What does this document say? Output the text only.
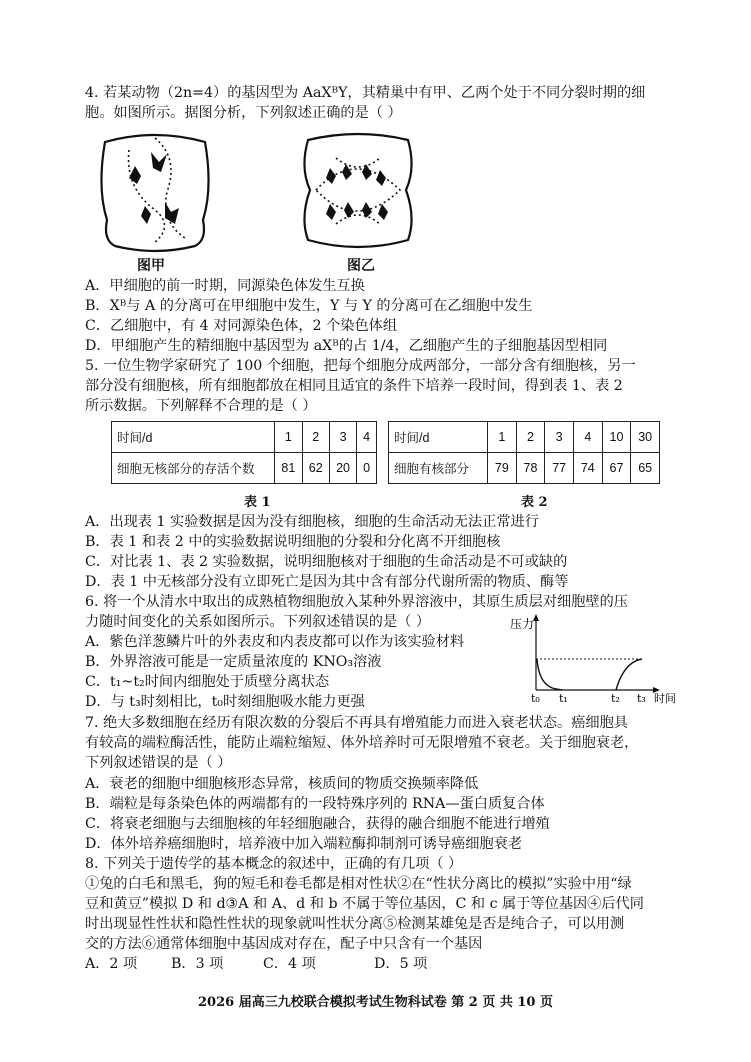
4. 若某动物（2n=4）的基因型为 AaXᴮY，其精巢中有甲、乙两个处于不同分裂时期的细
胞。如图所示。据图分析，下列叙述正确的是（ ）
图甲	图乙
A．甲细胞的前一时期，同源染色体发生互换
B．Xᴮ与 A 的分离可在甲细胞中发生，Y 与 Y 的分离可在乙细胞中发生
C．乙细胞中，有 4 对同源染色体，2 个染色体组
D．甲细胞产生的精细胞中基因型为 aXᴮ的占 1/4，乙细胞产生的子细胞基因型相同
5. 一位生物学家研究了 100 个细胞，把每个细胞分成两部分，一部分含有细胞核，另一
部分没有细胞核，所有细胞都放在相同且适宜的条件下培养一段时间，得到表 1、表 2
所示数据。下列解释不合理的是（ ）
时间/d	1	2	3	4
细胞无核部分的存活个数	81	62	20	0
表 1
时间/d	1	2	3	4	10	30
细胞有核部分	79	78	77	74	67	65
表 2
A．出现表 1 实验数据是因为没有细胞核，细胞的生命活动无法正常进行
B．表 1 和表 2 中的实验数据说明细胞的分裂和分化离不开细胞核
C．对比表 1、表 2 实验数据，说明细胞核对于细胞的生命活动是不可或缺的
D．表 1 中无核部分没有立即死亡是因为其中含有部分代谢所需的物质、酶等
6. 将一个从清水中取出的成熟植物细胞放入某种外界溶液中，其原生质层对细胞壁的压
力随时间变化的关系如图所示。下列叙述错误的是（ ）
A．紫色洋葱鳞片叶的外表皮和内表皮都可以作为该实验材料
B．外界溶液可能是一定质量浓度的 KNO₃溶液
C．t₁~t₂时间内细胞处于质壁分离状态
D．与 t₃时刻相比，t₀时刻细胞吸水能力更强
压力
t₀ t₁	t₂ t₃ 时间
7. 绝大多数细胞在经历有限次数的分裂后不再具有增殖能力而进入衰老状态。癌细胞具
有较高的端粒酶活性，能防止端粒缩短、体外培养时可无限增殖不衰老。关于细胞衰老，
下列叙述错误的是（ ）
A．衰老的细胞中细胞核形态异常，核质间的物质交换频率降低
B．端粒是每条染色体的两端都有的一段特殊序列的 RNA—蛋白质复合体
C．将衰老细胞与去细胞核的年轻细胞融合，获得的融合细胞不能进行增殖
D．体外培养癌细胞时，培养液中加入端粒酶抑制剂可诱导癌细胞衰老
8. 下列关于遗传学的基本概念的叙述中，正确的有几项（ ）
①兔的白毛和黑毛，狗的短毛和卷毛都是相对性状②在“性状分离比的模拟”实验中用“绿
豆和黄豆”模拟 D 和 d③A 和 A、d 和 b 不属于等位基因，C 和 c 属于等位基因④后代同
时出现显性性状和隐性性状的现象就叫性状分离⑤检测某雄兔是否是纯合子，可以用测
交的方法⑥通常体细胞中基因成对存在，配子中只含有一个基因
A．2 项 B．3 项	C．4 项	D．5 项
2026 届高三九校联合模拟考试生物科试卷 第 2 页 共 10 页
